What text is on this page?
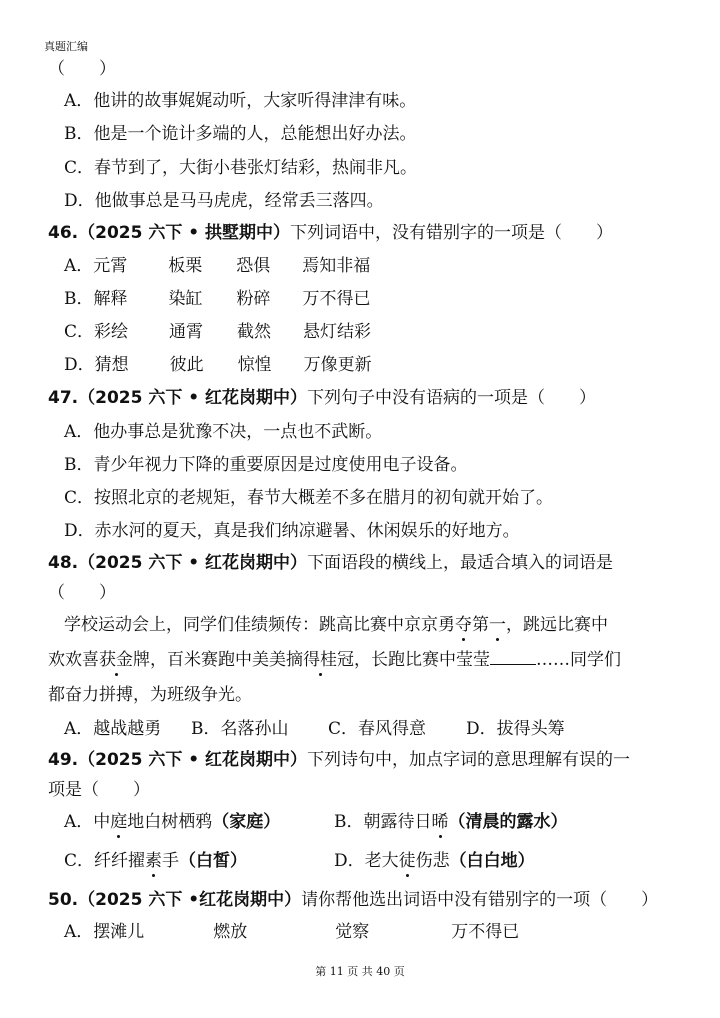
真题汇编
（　　）
A．他讲的故事娓娓动听，大家听得津津有味。
B．他是一个诡计多端的人，总能想出好办法。
C．春节到了，大街小巷张灯结彩，热闹非凡。
D．他做事总是马马虎虎，经常丢三落四。
46.（2025 六下 • 拱墅期中）下列词语中，没有错别字的一项是（　　）
A．元霄 板栗 恐俱 焉知非福
B．解释 染缸 粉碎 万不得已
C．彩绘 通霄 截然 悬灯结彩
D．猜想 彼此 惊惶 万像更新
47.（2025 六下 • 红花岗期中）下列句子中没有语病的一项是（　　）
A．他办事总是犹豫不决，一点也不武断。
B．青少年视力下降的重要原因是过度使用电子设备。
C．按照北京的老规矩，春节大概差不多在腊月的初旬就开始了。
D．赤水河的夏天，真是我们纳凉避暑、休闲娱乐的好地方。
48.（2025 六下 • 红花岗期中）下面语段的横线上，最适合填入的词语是
（　　）
学校运动会上，同学们佳绩频传：跳高比赛中京京勇夺第一，跳远比赛中
欢欢喜获金牌，百米赛跑中美美摘得桂冠，长跑比赛中莹莹	……同学们
都奋力拼搏，为班级争光。
A．越战越勇 B．名落孙山 C．春风得意 D．拔得头筹
49.（2025 六下 • 红花岗期中）下列诗句中，加点字词的意思理解有误的一
项是（　　）
A．中庭地白树栖鸦（家庭）	B．朝露待日晞（清晨的露水）
C．纤纤擢素手（白皙）	D．老大徒伤悲（白白地）
50.（2025 六下 •红花岗期中）请你帮他选出词语中没有错别字的一项（　　）
A．摆滩儿	燃放	觉察	万不得已
第 11 页 共 40 页
